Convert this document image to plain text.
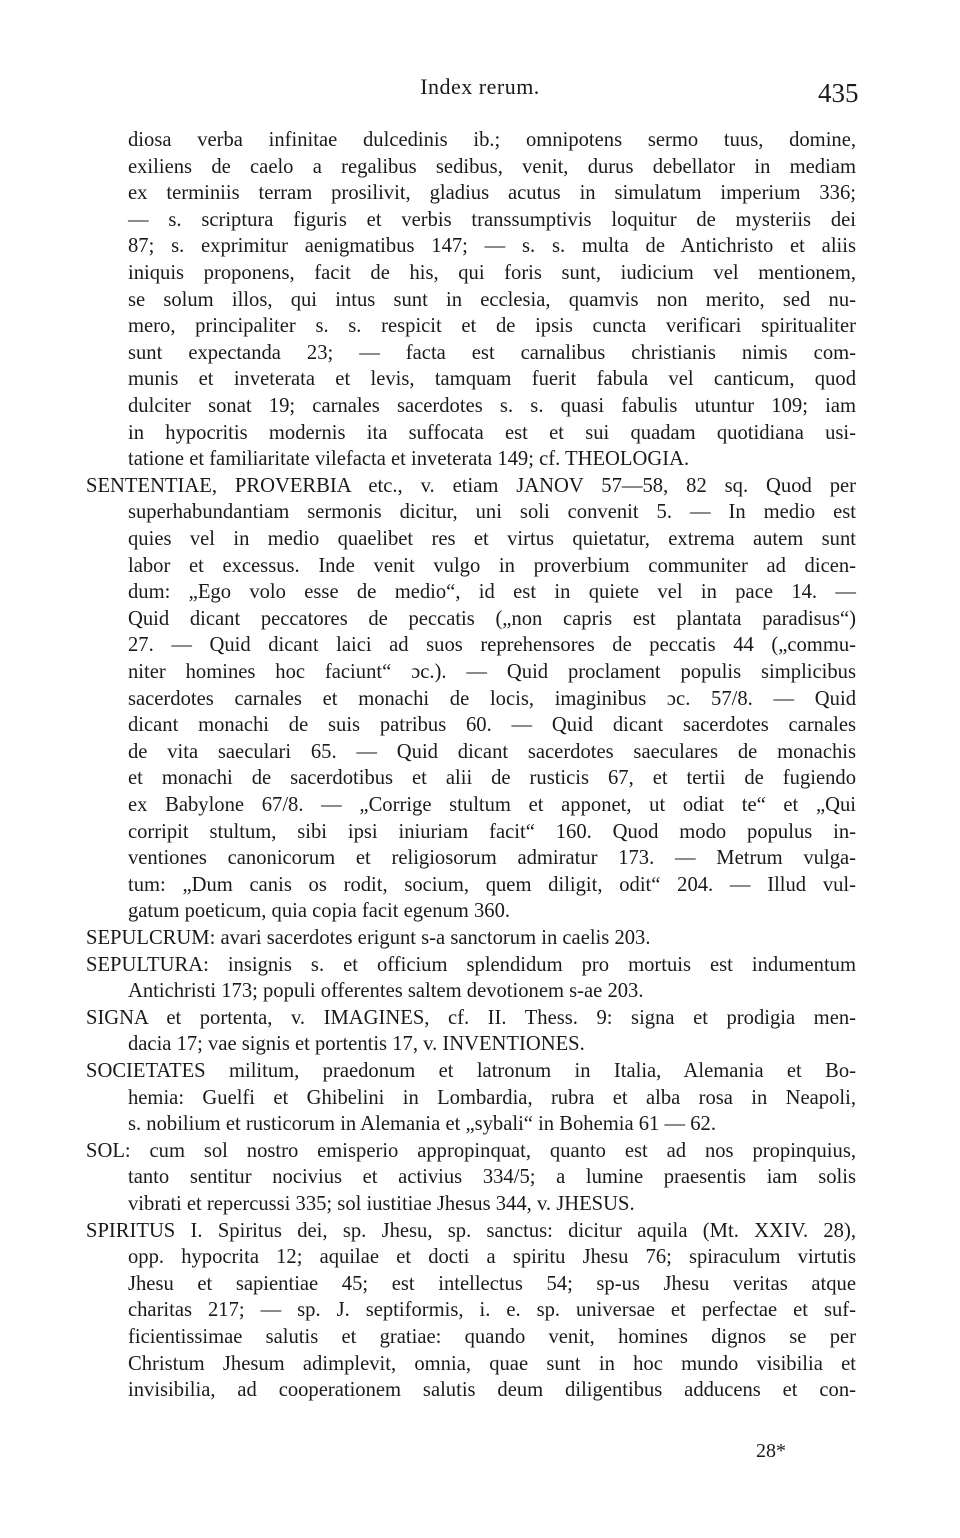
Index rerum.	435
diosa verba infinitae dulcedinis ib.; omnipotens sermo tuus, domine,
exiliens de caelo a regalibus sedibus, venit, durus debellator in mediam
ex terminiis terram prosilivit, gladius acutus in simulatum imperium 336;
— s. scriptura figuris et verbis transsumptivis loquitur de mysteriis dei
87; s. exprimitur aenigmatibus 147; — s. s. multa de Antichristo et aliis
iniquis proponens, facit de his, qui foris sunt, iudicium vel mentionem,
se solum illos, qui intus sunt in ecclesia, quamvis non merito, sed nu-
mero, principaliter s. s. respicit et de ipsis cuncta verificari spiritualiter
sunt expectanda 23; — facta est carnalibus christianis nimis com-
munis et inveterata et levis, tamquam fuerit fabula vel canticum, quod
dulciter sonat 19; carnales sacerdotes s. s. quasi fabulis utuntur 109; iam
in hypocritis modernis ita suffocata est et sui quadam quotidiana usi-
tatione et familiaritate vilefacta et inveterata 149; cf. THEOLOGIA.
SENTENTIAE, PROVERBIA etc., v. etiam JANOV 57—58, 82 sq. Quod per
superhabundantiam sermonis dicitur, uni soli convenit 5. — In medio est
quies vel in medio quaelibet res et virtus quietatur, extrema autem sunt
labor et excessus. Inde venit vulgo in proverbium communiter ad dicen-
dum: „Ego volo esse de medio“, id est in quiete vel in pace 14. —
Quid dicant peccatores de peccatis („non capris est plantata paradisus“)
27. — Quid dicant laici ad suos reprehensores de peccatis 44 („commu-
niter homines hoc faciunt“ ɔc.). — Quid proclament populis simplicibus
sacerdotes carnales et monachi de locis, imaginibus ɔc. 57/8. — Quid
dicant monachi de suis patribus 60. — Quid dicant sacerdotes carnales
de vita saeculari 65. — Quid dicant sacerdotes saeculares de monachis
et monachi de sacerdotibus et alii de rusticis 67, et tertii de fugiendo
ex Babylone 67/8. — „Corrige stultum et apponet, ut odiat te“ et „Qui
corripit stultum, sibi ipsi iniuriam facit“ 160. Quod modo populus in-
ventiones canonicorum et religiosorum admiratur 173. — Metrum vulga-
tum: „Dum canis os rodit, socium, quem diligit, odit“ 204. — Illud vul-
gatum poeticum, quia copia facit egenum 360.
SEPULCRUM: avari sacerdotes erigunt s-a sanctorum in caelis 203.
SEPULTURA: insignis s. et officium splendidum pro mortuis est indumentum
Antichristi 173; populi offerentes saltem devotionem s-ae 203.
SIGNA et portenta, v. IMAGINES, cf. II. Thess. 9: signa et prodigia men-
dacia 17; vae signis et portentis 17, v. INVENTIONES.
SOCIETATES militum, praedonum et latronum in Italia, Alemania et Bo-
hemia: Guelfi et Ghibelini in Lombardia, rubra et alba rosa in Neapoli,
s. nobilium et rusticorum in Alemania et „sybali“ in Bohemia 61 — 62.
SOL: cum sol nostro emisperio appropinquat, quanto est ad nos propinquius,
tanto sentitur nocivius et activius 334/5; a lumine praesentis iam solis
vibrati et repercussi 335; sol iustitiae Jhesus 344, v. JHESUS.
SPIRITUS I. Spiritus dei, sp. Jhesu, sp. sanctus: dicitur aquila (Mt. XXIV. 28),
opp. hypocrita 12; aquilae et docti a spiritu Jhesu 76; spiraculum virtutis
Jhesu et sapientiae 45; est intellectus 54; sp-us Jhesu veritas atque
charitas 217; — sp. J. septiformis, i. e. sp. universae et perfectae et suf-
ficientissimae salutis et gratiae: quando venit, homines dignos se per
Christum Jhesum adimplevit, omnia, quae sunt in hoc mundo visibilia et
invisibilia, ad cooperationem salutis deum diligentibus adducens et con-
28*
